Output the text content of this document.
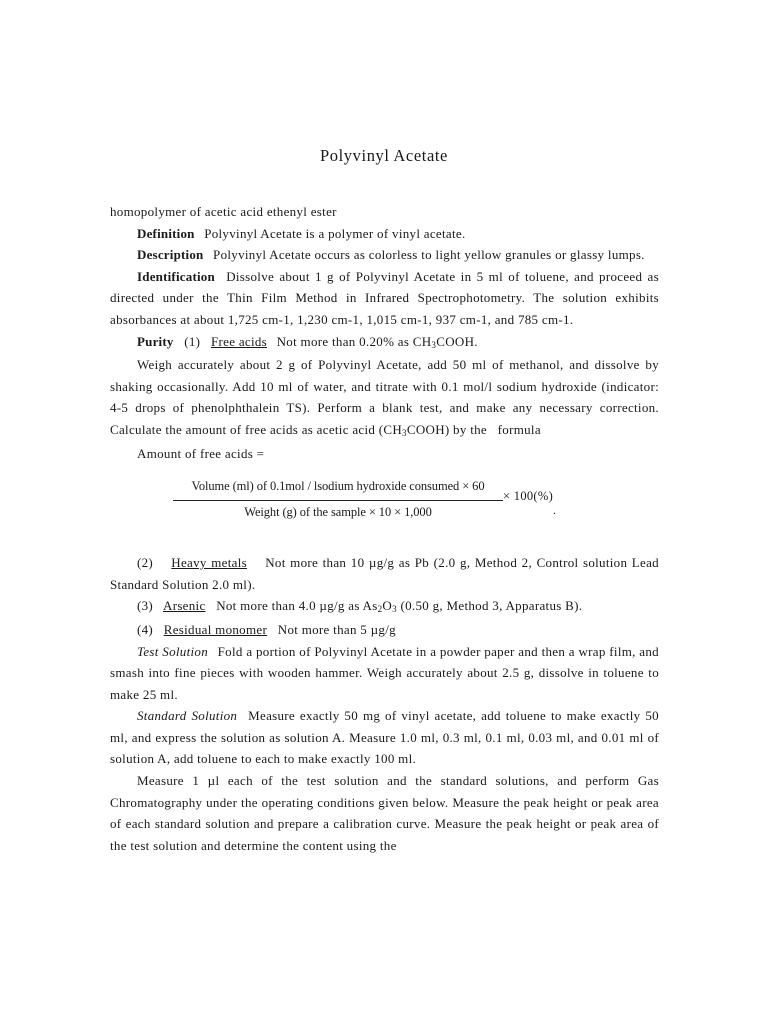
Polyvinyl Acetate

homopolymer of acetic acid ethenyl ester

Definition Polyvinyl Acetate is a polymer of vinyl acetate.

Description Polyvinyl Acetate occurs as colorless to light yellow granules or glassy lumps.

Identification Dissolve about 1 g of Polyvinyl Acetate in 5 ml of toluene, and proceed as directed under the Thin Film Method in Infrared Spectrophotometry. The solution exhibits absorbances at about 1,725 cm-1, 1,230 cm-1, 1,015 cm-1, 937 cm-1, and 785 cm-1.

Purity (1) Free acids Not more than 0.20% as CH3COOH.

Weigh accurately about 2 g of Polyvinyl Acetate, add 50 ml of methanol, and dissolve by shaking occasionally. Add 10 ml of water, and titrate with 0.1 mol/l sodium hydroxide (indicator: 4-5 drops of phenolphthalein TS). Perform a blank test, and make any necessary correction. Calculate the amount of free acids as acetic acid (CH3COOH) by the formula

Amount of free acids =

Volume (ml) of 0.1mol / lsodium hydroxide consumed × 60
Weight (g) of the sample × 10 × 1,000
× 100(%)
.

(2) Heavy metals Not more than 10 µg/g as Pb (2.0 g, Method 2, Control solution Lead Standard Solution 2.0 ml).

(3) Arsenic Not more than 4.0 µg/g as As2O3 (0.50 g, Method 3, Apparatus B).

(4) Residual monomer Not more than 5 µg/g

Test Solution Fold a portion of Polyvinyl Acetate in a powder paper and then a wrap film, and smash into fine pieces with wooden hammer. Weigh accurately about 2.5 g, dissolve in toluene to make 25 ml.

Standard Solution Measure exactly 50 mg of vinyl acetate, add toluene to make exactly 50 ml, and express the solution as solution A. Measure 1.0 ml, 0.3 ml, 0.1 ml, 0.03 ml, and 0.01 ml of solution A, add toluene to each to make exactly 100 ml.

Measure 1 µl each of the test solution and the standard solutions, and perform Gas Chromatography under the operating conditions given below. Measure the peak height or peak area of each standard solution and prepare a calibration curve. Measure the peak height or peak area of the test solution and determine the content using the
